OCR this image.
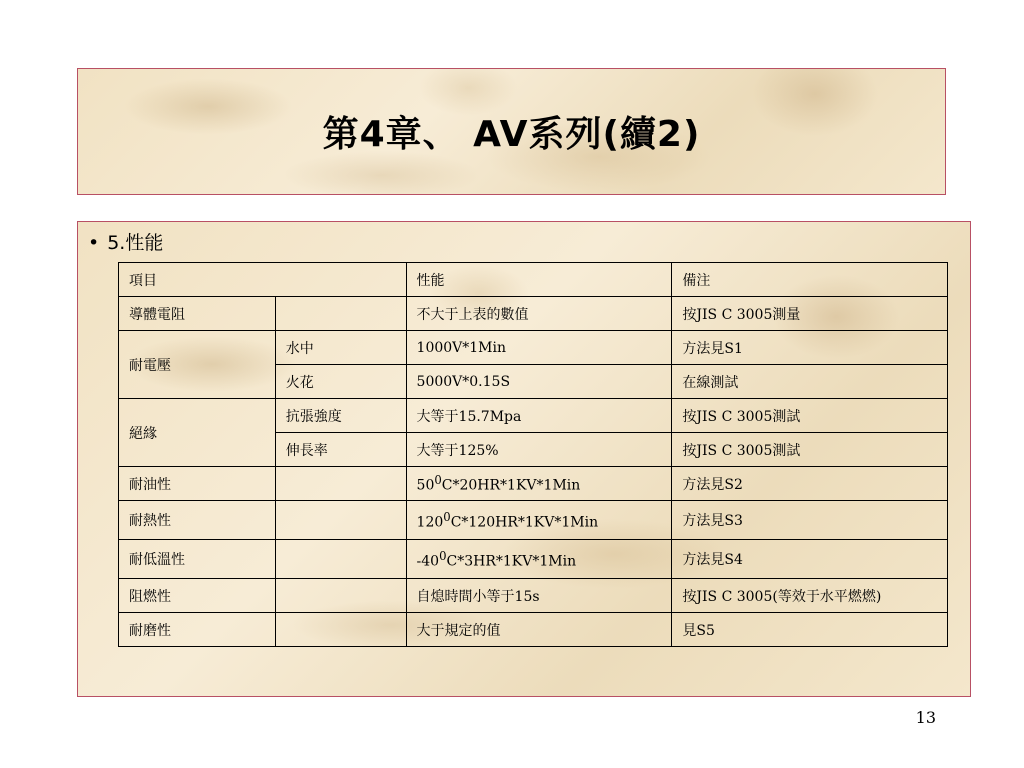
第4章、 AV系列(續2)
• 5.性能
項目		性能	備注
導體電阻		不大于上表的數值	按JIS C 3005測量
耐電壓	水中	1000V*1Min	方法見S1
	火花	5000V*0.15S	在線測試
絕緣	抗張強度	大等于15.7Mpa	按JIS C 3005測試
	伸長率	大等于125%	按JIS C 3005測試
耐油性		$50^0C*20HR*1KV*1Min$	方法見S2
耐熱性		$120^0C*120HR*1KV*1Min$	方法見S3
耐低溫性		$-40^0C*3HR*1KV*1Min$	方法見S4
阻燃性		自熄時間小等于15s	按JIS C 3005(等效于水平燃燃)
耐磨性		大于規定的值	見S5
13
